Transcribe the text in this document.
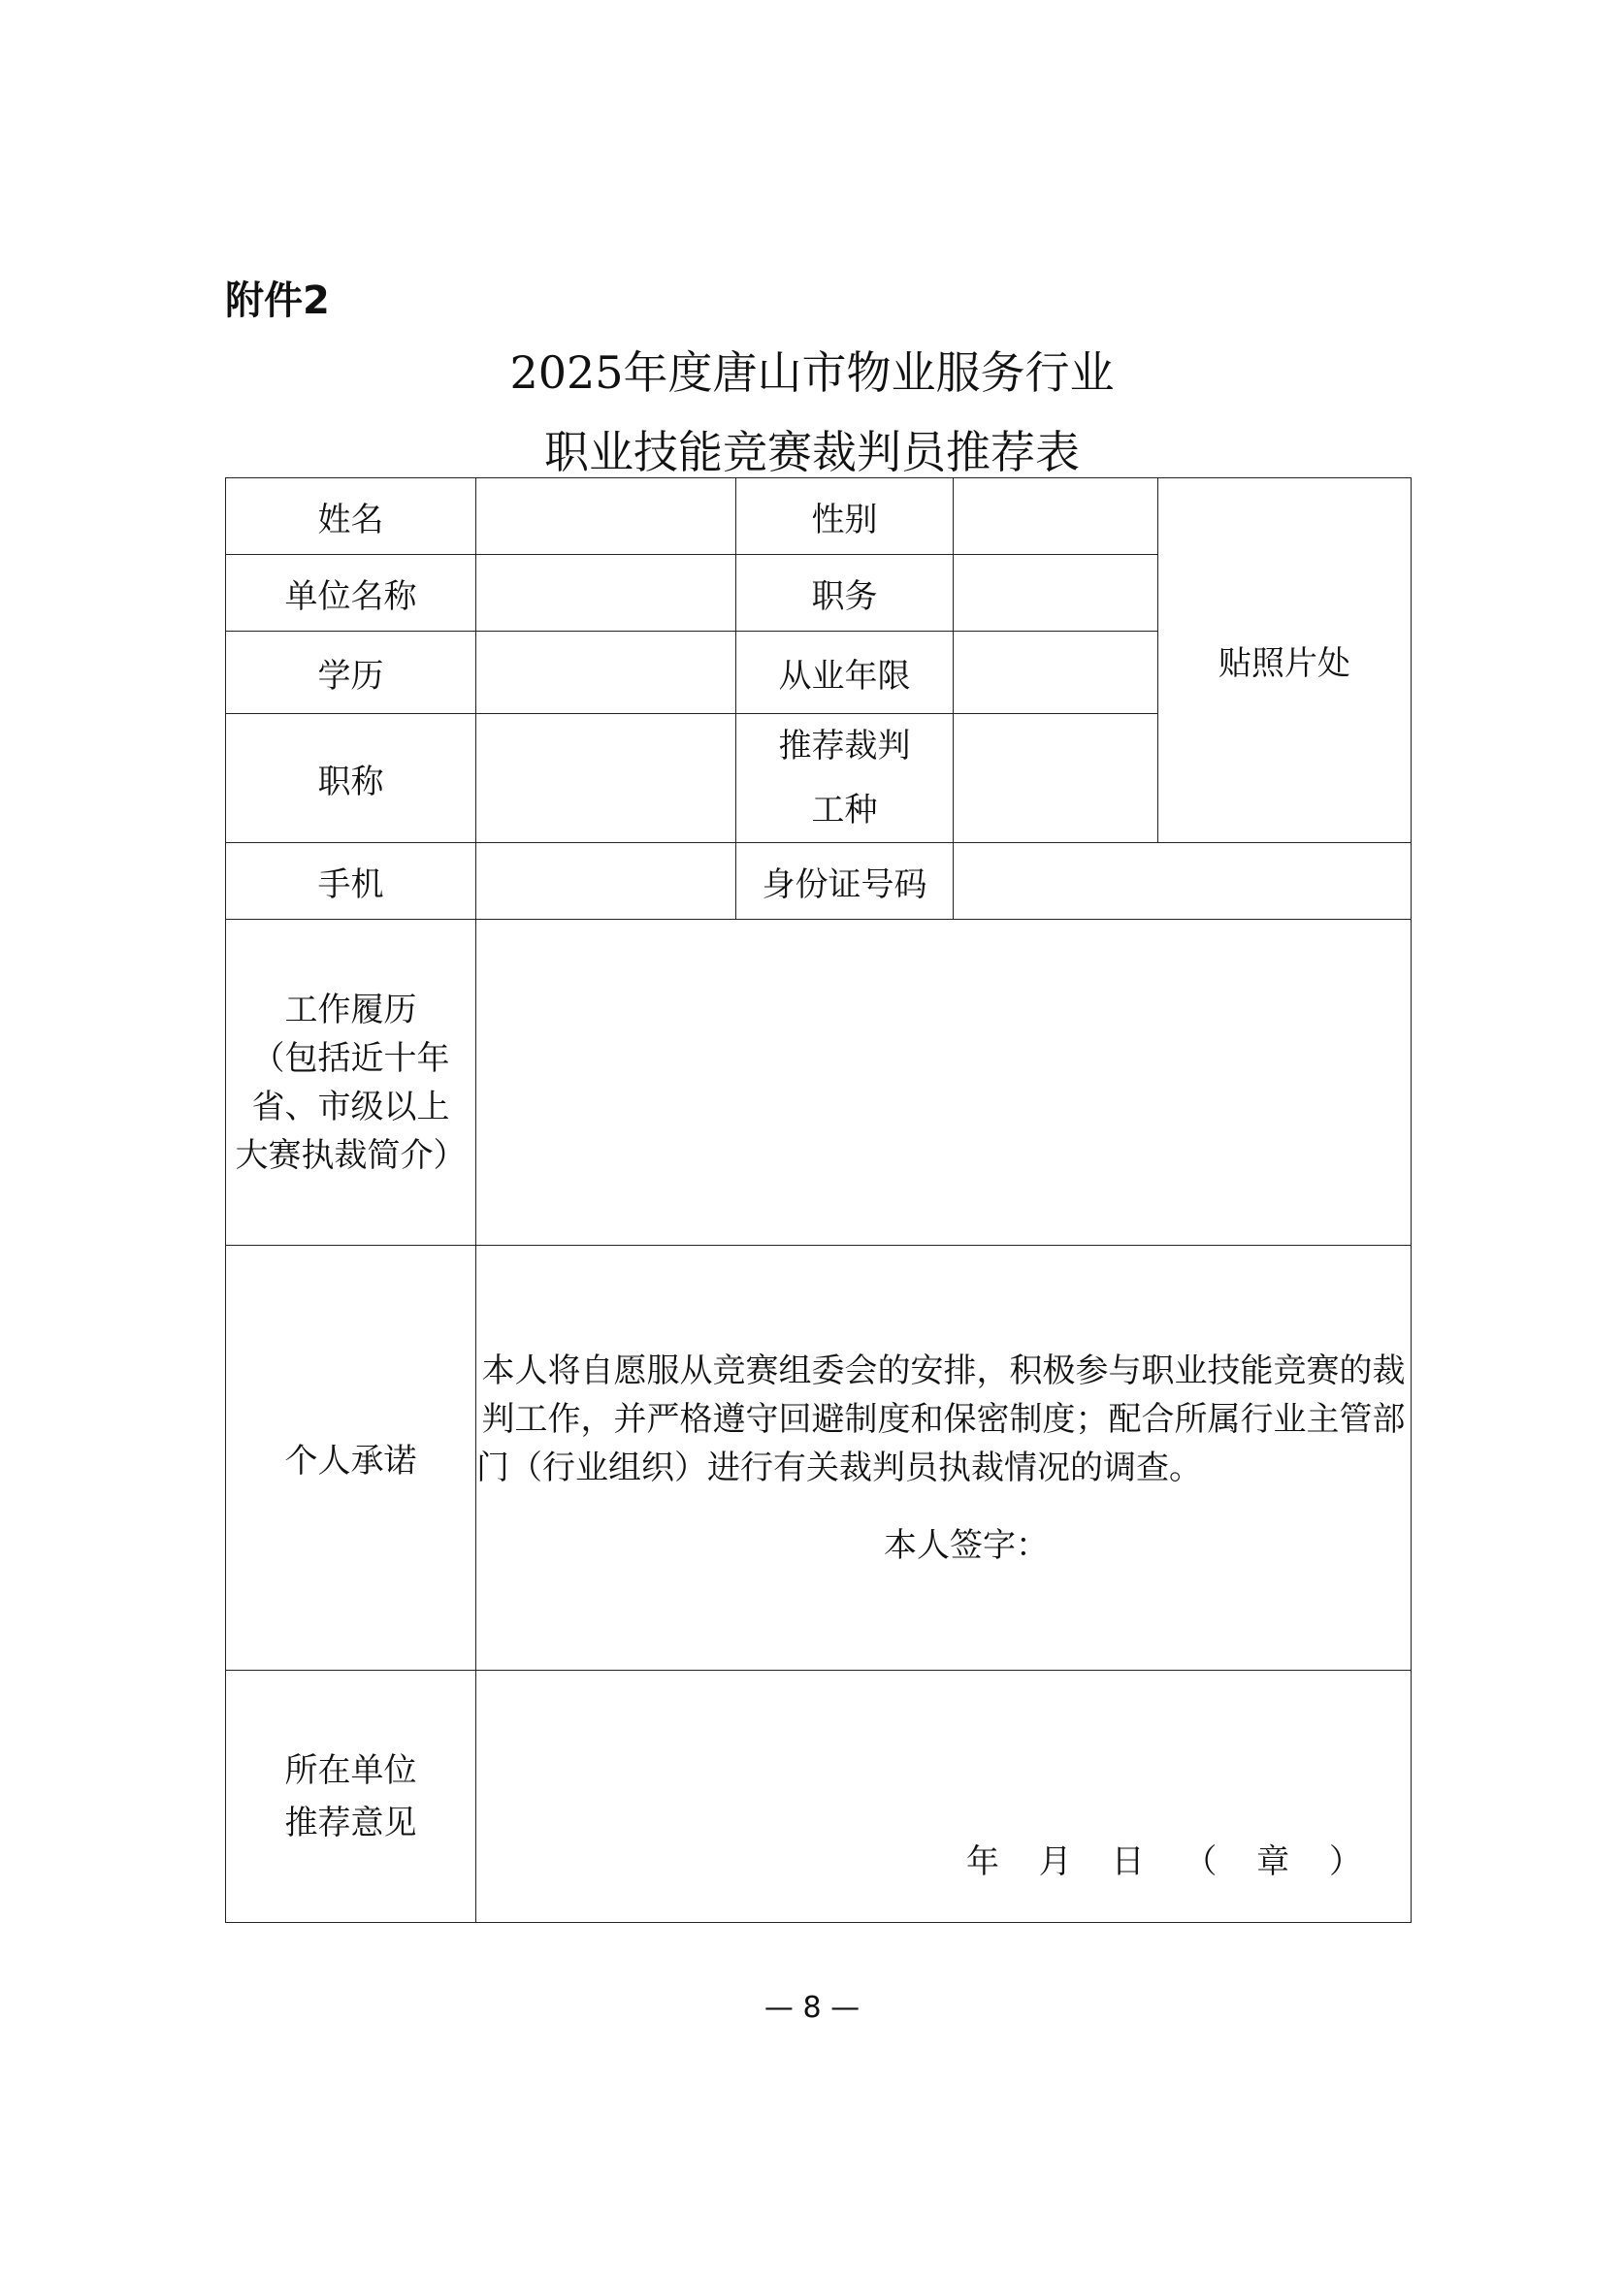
附件2
2025年度唐山市物业服务行业
职业技能竞赛裁判员推荐表
姓名		性别		贴照片处

单位名称		职务		
学历		从业年限		
职称		推荐裁判
工种		

手机		身份证号码		

工作履历
（包括近十年
省、市级以上
大赛执裁简介）				

个人承诺	本人将自愿服从竞赛组委会的安排，积极参与职业技能竞赛的裁判工作，并严格遵守回避制度和保密制度；配合所属行业主管部门（行业组织）进行有关裁判员执裁情况的调查。
本人签字：			

所在单位
推荐意见	年 月 日 （ 章 ）			
— 8 —
